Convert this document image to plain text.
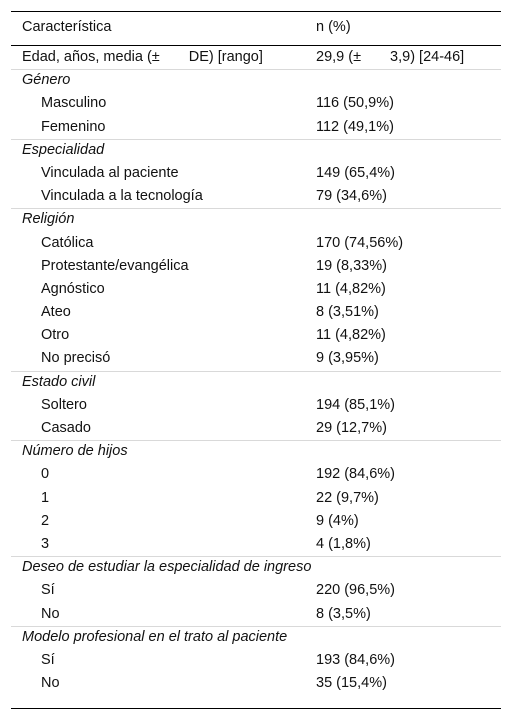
Característica	n (%)
Edad, años, media (±  DE) [rango]	29,9 (±  3,9) [24-46]
Género
Masculino	116 (50,9%)
Femenino	112 (49,1%)
Especialidad
Vinculada al paciente	149 (65,4%)
Vinculada a la tecnología	79 (34,6%)
Religión
Católica	170 (74,56%)
Protestante/evangélica	19 (8,33%)
Agnóstico	11 (4,82%)
Ateo	8 (3,51%)
Otro	11 (4,82%)
No precisó	9 (3,95%)
Estado civil
Soltero	194 (85,1%)
Casado	29 (12,7%)
Número de hijos
0	192 (84,6%)
1	22 (9,7%)
2	9 (4%)
3	4 (1,8%)
Deseo de estudiar la especialidad de ingreso
Sí	220 (96,5%)
No	8 (3,5%)
Modelo profesional en el trato al paciente
Sí	193 (84,6%)
No	35 (15,4%)
